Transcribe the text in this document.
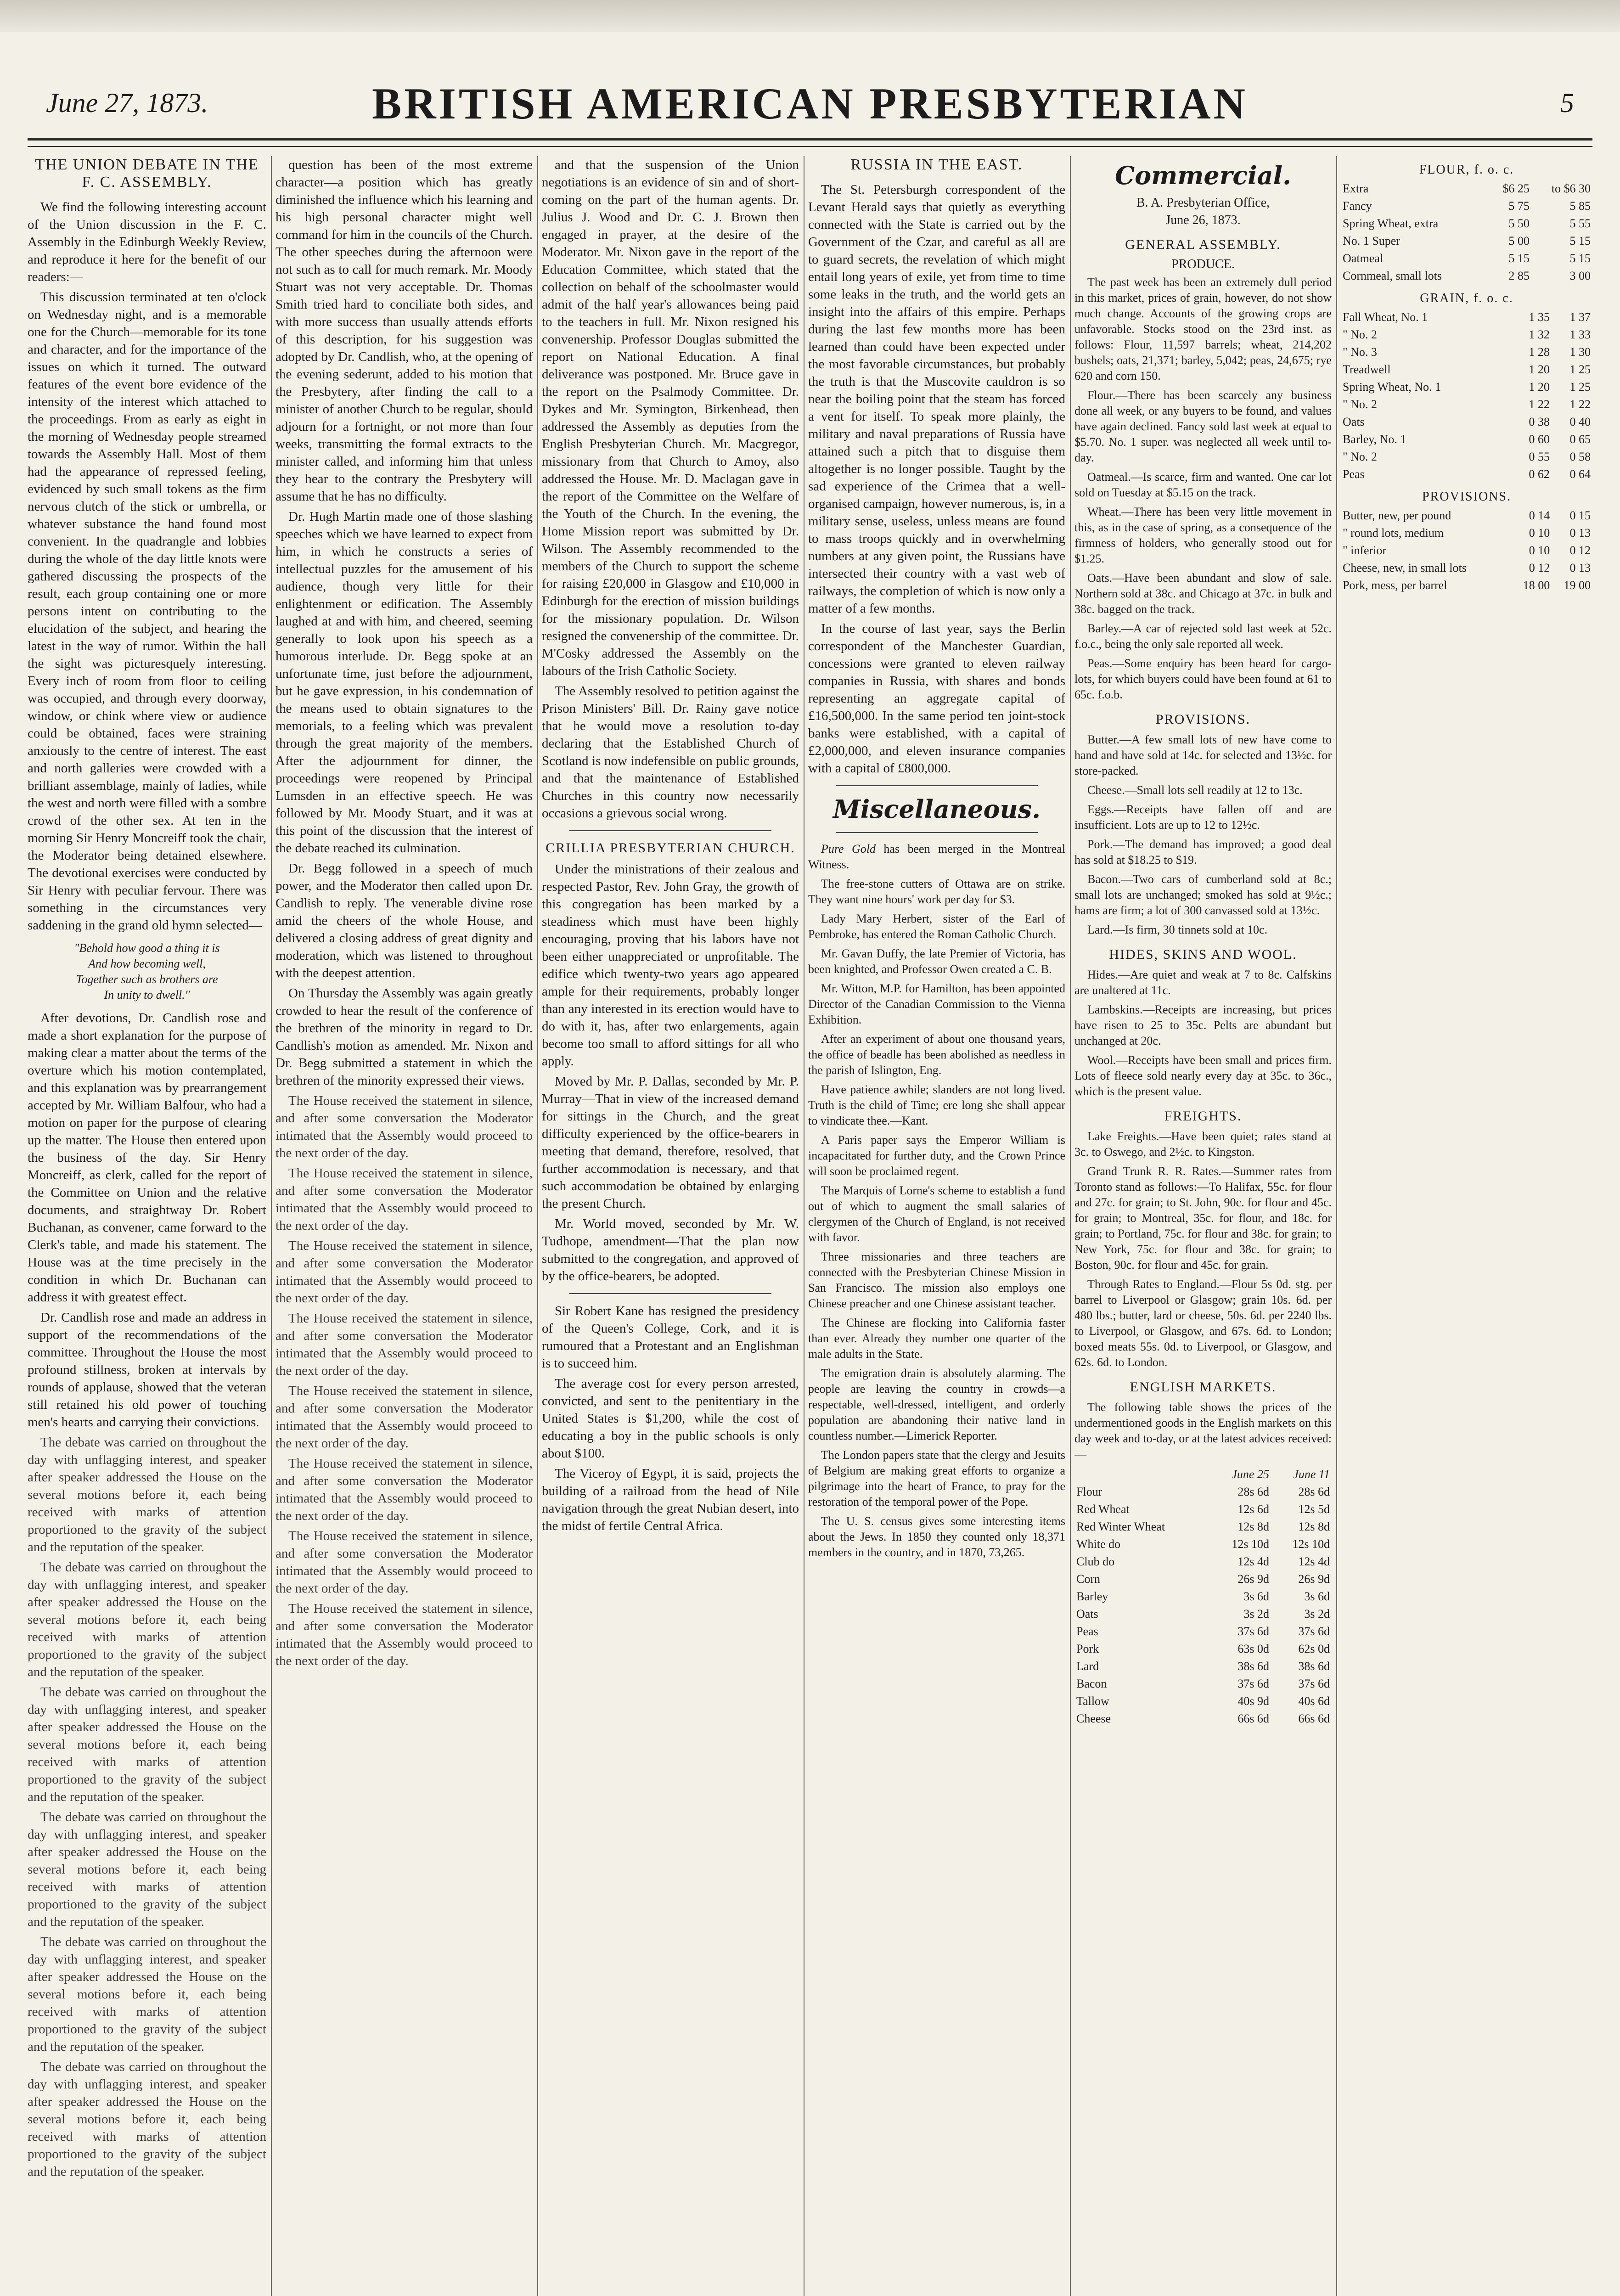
June 27, 1873.	BRITISH AMERICAN PRESBYTERIAN	5
THE UNION DEBATE IN THE F. C. ASSEMBLY.

We find the following interesting account of the Union discussion in the F. C. Assembly in the Edinburgh Weekly Review, and reproduce it here for the benefit of our readers:—

This discussion terminated at ten o'clock on Wednesday night, and is a memorable one for the Church—memorable for its tone and character, and for the importance of the issues on which it turned. The outward features of the event bore evidence of the intensity of the interest which attached to the proceedings. From as early as eight in the morning of Wednesday people streamed towards the Assembly Hall. Most of them had the appearance of repressed feeling, evidenced by such small tokens as the firm nervous clutch of the stick or umbrella, or whatever substance the hand found most convenient. In the quadrangle and lobbies during the whole of the day little knots were gathered discussing the prospects of the result, each group containing one or more persons intent on contributing to the elucidation of the subject, and hearing the latest in the way of rumor. Within the hall the sight was picturesquely interesting. Every inch of room from floor to ceiling was occupied, and through every doorway, window, or chink where view or audience could be obtained, faces were straining anxiously to the centre of interest. The east and north galleries were crowded with a brilliant assemblage, mainly of ladies, while the west and north were filled with a sombre crowd of the other sex. At ten in the morning Sir Henry Moncreiff took the chair, the Moderator being detained elsewhere. The devotional exercises were conducted by Sir Henry with peculiar fervour. There was something in the circumstances very saddening in the grand old hymn selected—

"Behold how good a thing it is
And how becoming well,
Together such as brothers are
In unity to dwell."

After devotions, Dr. Candlish rose and made a short explanation for the purpose of making clear a matter about the terms of the overture which his motion contemplated, and this explanation was by prearrangement accepted by Mr. William Balfour, who had a motion on paper for the purpose of clearing up the matter. The House then entered upon the business of the day. Sir Henry Moncreiff, as clerk, called for the report of the Committee on Union and the relative documents, and straightway Dr. Robert Buchanan, as convener, came forward to the Clerk's table, and made his statement. The House was at the time precisely in the condition in which Dr. Buchanan can address it with greatest effect.

Dr. Candlish rose and made an address in support of the recommendations of the committee. Throughout the House the most profound stillness, broken at intervals by rounds of applause, showed that the veteran still retained his old power of touching men's hearts and carrying their convictions.

The debate was carried on throughout the day with unflagging interest, and speaker after speaker addressed the House on the several motions before it, each being received with marks of attention proportioned to the gravity of the subject and the reputation of the speaker.

The debate was carried on throughout the day with unflagging interest, and speaker after speaker addressed the House on the several motions before it, each being received with marks of attention proportioned to the gravity of the subject and the reputation of the speaker.

The debate was carried on throughout the day with unflagging interest, and speaker after speaker addressed the House on the several motions before it, each being received with marks of attention proportioned to the gravity of the subject and the reputation of the speaker.

The debate was carried on throughout the day with unflagging interest, and speaker after speaker addressed the House on the several motions before it, each being received with marks of attention proportioned to the gravity of the subject and the reputation of the speaker.

The debate was carried on throughout the day with unflagging interest, and speaker after speaker addressed the House on the several motions before it, each being received with marks of attention proportioned to the gravity of the subject and the reputation of the speaker.

The debate was carried on throughout the day with unflagging interest, and speaker after speaker addressed the House on the several motions before it, each being received with marks of attention proportioned to the gravity of the subject and the reputation of the speaker.

question has been of the most extreme character—a position which has greatly diminished the influence which his learning and his high personal character might well command for him in the councils of the Church. The other speeches during the afternoon were not such as to call for much remark. Mr. Moody Stuart was not very acceptable. Dr. Thomas Smith tried hard to conciliate both sides, and with more success than usually attends efforts of this description, for his suggestion was adopted by Dr. Candlish, who, at the opening of the evening sederunt, added to his motion that the Presbytery, after finding the call to a minister of another Church to be regular, should adjourn for a fortnight, or not more than four weeks, transmitting the formal extracts to the minister called, and informing him that unless they hear to the contrary the Presbytery will assume that he has no difficulty.

Dr. Hugh Martin made one of those slashing speeches which we have learned to expect from him, in which he constructs a series of intellectual puzzles for the amusement of his audience, though very little for their enlightenment or edification. The Assembly laughed at and with him, and cheered, seeming generally to look upon his speech as a humorous interlude. Dr. Begg spoke at an unfortunate time, just before the adjournment, but he gave expression, in his condemnation of the means used to obtain signatures to the memorials, to a feeling which was prevalent through the great majority of the members. After the adjournment for dinner, the proceedings were reopened by Principal Lumsden in an effective speech. He was followed by Mr. Moody Stuart, and it was at this point of the discussion that the interest of the debate reached its culmination.

Dr. Begg followed in a speech of much power, and the Moderator then called upon Dr. Candlish to reply. The venerable divine rose amid the cheers of the whole House, and delivered a closing address of great dignity and moderation, which was listened to throughout with the deepest attention.

On Thursday the Assembly was again greatly crowded to hear the result of the conference of the brethren of the minority in regard to Dr. Candlish's motion as amended. Mr. Nixon and Dr. Begg submitted a statement in which the brethren of the minority expressed their views.

The House received the statement in silence, and after some conversation the Moderator intimated that the Assembly would proceed to the next order of the day.

The House received the statement in silence, and after some conversation the Moderator intimated that the Assembly would proceed to the next order of the day.

The House received the statement in silence, and after some conversation the Moderator intimated that the Assembly would proceed to the next order of the day.

The House received the statement in silence, and after some conversation the Moderator intimated that the Assembly would proceed to the next order of the day.

The House received the statement in silence, and after some conversation the Moderator intimated that the Assembly would proceed to the next order of the day.

The House received the statement in silence, and after some conversation the Moderator intimated that the Assembly would proceed to the next order of the day.

The House received the statement in silence, and after some conversation the Moderator intimated that the Assembly would proceed to the next order of the day.

The House received the statement in silence, and after some conversation the Moderator intimated that the Assembly would proceed to the next order of the day.

and that the suspension of the Union negotiations is an evidence of sin and of short-coming on the part of the human agents. Dr. Julius J. Wood and Dr. C. J. Brown then engaged in prayer, at the desire of the Moderator. Mr. Nixon gave in the report of the Education Committee, which stated that the collection on behalf of the schoolmaster would admit of the half year's allowances being paid to the teachers in full. Mr. Nixon resigned his convenership. Professor Douglas submitted the report on National Education. A final deliverance was postponed. Mr. Bruce gave in the report on the Psalmody Committee. Dr. Dykes and Mr. Symington, Birkenhead, then addressed the Assembly as deputies from the English Presbyterian Church. Mr. Macgregor, missionary from that Church to Amoy, also addressed the House. Mr. D. Maclagan gave in the report of the Committee on the Welfare of the Youth of the Church. In the evening, the Home Mission report was submitted by Dr. Wilson. The Assembly recommended to the members of the Church to support the scheme for raising £20,000 in Glasgow and £10,000 in Edinburgh for the erection of mission buildings for the missionary population. Dr. Wilson resigned the convenership of the committee. Dr. M'Cosky addressed the Assembly on the labours of the Irish Catholic Society.

The Assembly resolved to petition against the Prison Ministers' Bill. Dr. Rainy gave notice that he would move a resolution to-day declaring that the Established Church of Scotland is now indefensible on public grounds, and that the maintenance of Established Churches in this country now necessarily occasions a grievous social wrong.

CRILLIA PRESBYTERIAN CHURCH.

Under the ministrations of their zealous and respected Pastor, Rev. John Gray, the growth of this congregation has been marked by a steadiness which must have been highly encouraging, proving that his labors have not been either unappreciated or unprofitable. The edifice which twenty-two years ago appeared ample for their requirements, probably longer than any interested in its erection would have to do with it, has, after two enlargements, again become too small to afford sittings for all who apply.

Moved by Mr. P. Dallas, seconded by Mr. P. Murray—That in view of the increased demand for sittings in the Church, and the great difficulty experienced by the office-bearers in meeting that demand, therefore, resolved, that further accommodation is necessary, and that such accommodation be obtained by enlarging the present Church.

Mr. World moved, seconded by Mr. W. Tudhope, amendment—That the plan now submitted to the congregation, and approved of by the office-bearers, be adopted.

Sir Robert Kane has resigned the presidency of the Queen's College, Cork, and it is rumoured that a Protestant and an Englishman is to succeed him.

The average cost for every person arrested, convicted, and sent to the penitentiary in the United States is $1,200, while the cost of educating a boy in the public schools is only about $100.

The Viceroy of Egypt, it is said, projects the building of a railroad from the head of Nile navigation through the great Nubian desert, into the midst of fertile Central Africa.

RUSSIA IN THE EAST.

The St. Petersburgh correspondent of the Levant Herald says that quietly as everything connected with the State is carried out by the Government of the Czar, and careful as all are to guard secrets, the revelation of which might entail long years of exile, yet from time to time some leaks in the truth, and the world gets an insight into the affairs of this empire. Perhaps during the last few months more has been learned than could have been expected under the most favorable circumstances, but probably the truth is that the Muscovite cauldron is so near the boiling point that the steam has forced a vent for itself. To speak more plainly, the military and naval preparations of Russia have attained such a pitch that to disguise them altogether is no longer possible. Taught by the sad experience of the Crimea that a well-organised campaign, however numerous, is, in a military sense, useless, unless means are found to mass troops quickly and in overwhelming numbers at any given point, the Russians have intersected their country with a vast web of railways, the completion of which is now only a matter of a few months.

In the course of last year, says the Berlin correspondent of the Manchester Guardian, concessions were granted to eleven railway companies in Russia, with shares and bonds representing an aggregate capital of £16,500,000. In the same period ten joint-stock banks were established, with a capital of £2,000,000, and eleven insurance companies with a capital of £800,000.

Miscellaneous.
Pure Gold has been merged in the Montreal Witness.
The free-stone cutters of Ottawa are on strike. They want nine hours' work per day for $3.
Lady Mary Herbert, sister of the Earl of Pembroke, has entered the Roman Catholic Church.
Mr. Gavan Duffy, the late Premier of Victoria, has been knighted, and Professor Owen created a C. B.
Mr. Witton, M.P. for Hamilton, has been appointed Director of the Canadian Commission to the Vienna Exhibition.
After an experiment of about one thousand years, the office of beadle has been abolished as needless in the parish of Islington, Eng.
Have patience awhile; slanders are not long lived. Truth is the child of Time; ere long she shall appear to vindicate thee.—Kant.
A Paris paper says the Emperor William is incapacitated for further duty, and the Crown Prince will soon be proclaimed regent.
The Marquis of Lorne's scheme to establish a fund out of which to augment the small salaries of clergymen of the Church of England, is not received with favor.
Three missionaries and three teachers are connected with the Presbyterian Chinese Mission in San Francisco. The mission also employs one Chinese preacher and one Chinese assistant teacher.
The Chinese are flocking into California faster than ever. Already they number one quarter of the male adults in the State.
The emigration drain is absolutely alarming. The people are leaving the country in crowds—a respectable, well-dressed, intelligent, and orderly population are abandoning their native land in countless number.—Limerick Reporter.
The London papers state that the clergy and Jesuits of Belgium are making great efforts to organize a pilgrimage into the heart of France, to pray for the restoration of the temporal power of the Pope.
The U. S. census gives some interesting items about the Jews. In 1850 they counted only 18,371 members in the country, and in 1870, 73,265.
Commercial.
B. A. Presbyterian Office,
June 26, 1873.
GENERAL ASSEMBLY.
PRODUCE.

The past week has been an extremely dull period in this market, prices of grain, however, do not show much change. Accounts of the growing crops are unfavorable. Stocks stood on the 23rd inst. as follows: Flour, 11,597 barrels; wheat, 214,202 bushels; oats, 21,371; barley, 5,042; peas, 24,675; rye 620 and corn 150.

Flour.—There has been scarcely any business done all week, or any buyers to be found, and values have again declined. Fancy sold last week at equal to $5.70. No. 1 super. was neglected all week until to-day.

Oatmeal.—Is scarce, firm and wanted. One car lot sold on Tuesday at $5.15 on the track.

Wheat.—There has been very little movement in this, as in the case of spring, as a consequence of the firmness of holders, who generally stood out for $1.25.

Oats.—Have been abundant and slow of sale. Northern sold at 38c. and Chicago at 37c. in bulk and 38c. bagged on the track.

Barley.—A car of rejected sold last week at 52c. f.o.c., being the only sale reported all week.

Peas.—Some enquiry has been heard for cargo-lots, for which buyers could have been found at 61 to 65c. f.o.b.

PROVISIONS.

Butter.—A few small lots of new have come to hand and have sold at 14c. for selected and 13½c. for store-packed.

Cheese.—Small lots sell readily at 12 to 13c.

Eggs.—Receipts have fallen off and are insufficient. Lots are up to 12 to 12½c.

Pork.—The demand has improved; a good deal has sold at $18.25 to $19.

Bacon.—Two cars of cumberland sold at 8c.; small lots are unchanged; smoked has sold at 9½c.; hams are firm; a lot of 300 canvassed sold at 13½c.

Lard.—Is firm, 30 tinnets sold at 10c.

HIDES, SKINS AND WOOL.

Hides.—Are quiet and weak at 7 to 8c. Calfskins are unaltered at 11c.

Lambskins.—Receipts are increasing, but prices have risen to 25 to 35c. Pelts are abundant but unchanged at 20c.

Wool.—Receipts have been small and prices firm. Lots of fleece sold nearly every day at 35c. to 36c., which is the present value.

FREIGHTS.

Lake Freights.—Have been quiet; rates stand at 3c. to Oswego, and 2½c. to Kingston.

Grand Trunk R. R. Rates.—Summer rates from Toronto stand as follows:—To Halifax, 55c. for flour and 27c. for grain; to St. John, 90c. for flour and 45c. for grain; to Montreal, 35c. for flour, and 18c. for grain; to Portland, 75c. for flour and 38c. for grain; to New York, 75c. for flour and 38c. for grain; to Boston, 90c. for flour and 45c. for grain.

Through Rates to England.—Flour 5s 0d. stg. per barrel to Liverpool or Glasgow; grain 10s. 6d. per 480 lbs.; butter, lard or cheese, 50s. 6d. per 2240 lbs. to Liverpool, or Glasgow, and 67s. 6d. to London; boxed meats 55s. 0d. to Liverpool, or Glasgow, and 62s. 6d. to London.

ENGLISH MARKETS.

The following table shows the prices of the undermentioned goods in the English markets on this day week and to-day, or at the latest advices received:—

	June 25	June 11
Flour	28s 6d	28s 6d
Red Wheat	12s 6d	12s 5d
Red Winter Wheat	12s 8d	12s 8d
White do	12s 10d	12s 10d
Club do	12s 4d	12s 4d
Corn	26s 9d	26s 9d
Barley	3s 6d	3s 6d
Oats	3s 2d	3s 2d
Peas	37s 6d	37s 6d
Pork	63s 0d	62s 0d
Lard	38s 6d	38s 6d
Bacon	37s 6d	37s 6d
Tallow	40s 9d	40s 6d
Cheese	66s 6d	66s 6d
FLOUR, f. o. c.
Extra	$6 25	to $6 30
Fancy	5 75	5 85
Spring Wheat, extra	5 50	5 55
No. 1 Super	5 00	5 15
Oatmeal	5 15	5 15
Cornmeal, small lots	2 85	3 00
GRAIN, f. o. c.
Fall Wheat, No. 1	1 35	1 37
" No. 2	1 32	1 33
" No. 3	1 28	1 30
Treadwell	1 20	1 25
Spring Wheat, No. 1	1 20	1 25
" No. 2	1 22	1 22
Oats	0 38	0 40
Barley, No. 1	0 60	0 65
" No. 2	0 55	0 58
Peas	0 62	0 64
PROVISIONS.
Butter, new, per pound	0 14	0 15
" round lots, medium	0 10	0 13
" inferior	0 10	0 12
Cheese, new, in small lots	0 12	0 13
Pork, mess, per barrel	18 00	19 00
